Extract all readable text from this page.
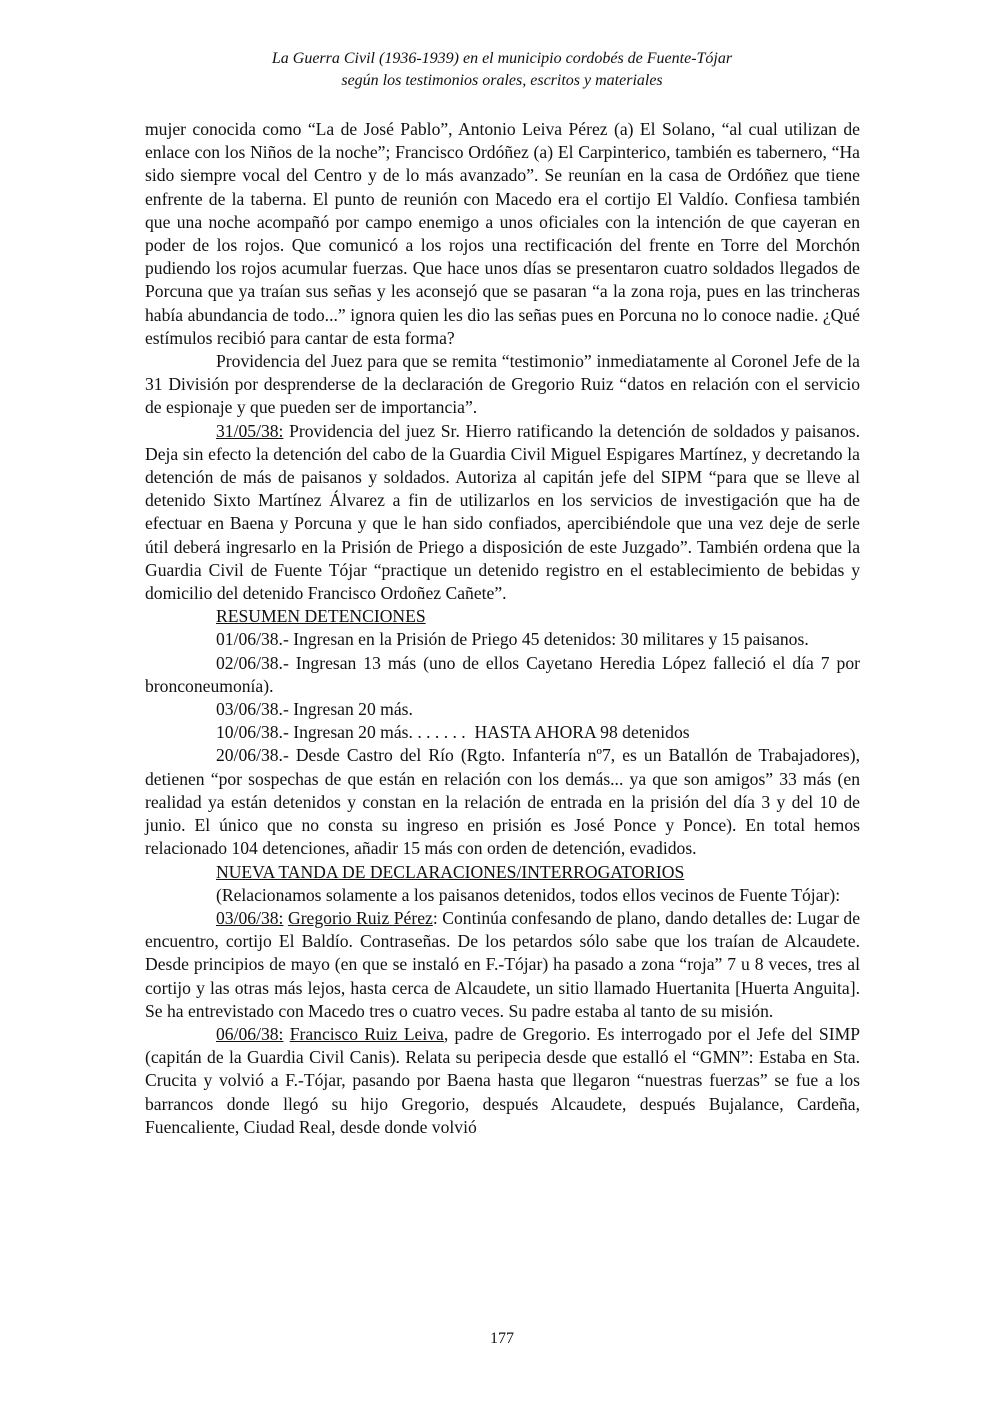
La Guerra Civil (1936-1939) en el municipio cordobés de Fuente-Tójar
según los testimonios orales, escritos y materiales

mujer conocida como “La de José Pablo”, Antonio Leiva Pérez (a) El Solano, “al cual utilizan de enlace con los Niños de la noche”; Francisco Ordóñez (a) El Carpinterico, también es tabernero, “Ha sido siempre vocal del Centro y de lo más avanzado”. Se reunían en la casa de Ordóñez que tiene enfrente de la taberna. El punto de reunión con Macedo era el cortijo El Valdío. Confiesa también que una noche acompañó por campo enemigo a unos oficiales con la intención de que cayeran en poder de los rojos. Que comunicó a los rojos una rectificación del frente en Torre del Morchón pudiendo los rojos acumular fuerzas. Que hace unos días se presentaron cuatro soldados llegados de Porcuna que ya traían sus señas y les aconsejó que se pasaran “a la zona roja, pues en las trincheras había abundancia de todo...” ignora quien les dio las señas pues en Porcuna no lo conoce nadie. ¿Qué estímulos recibió para cantar de esta forma?

Providencia del Juez para que se remita “testimonio” inmediatamente al Coronel Jefe de la 31 División por desprenderse de la declaración de Gregorio Ruiz “datos en relación con el servicio de espionaje y que pueden ser de importancia”.

31/05/38: Providencia del juez Sr. Hierro ratificando la detención de soldados y paisanos. Deja sin efecto la detención del cabo de la Guardia Civil Miguel Espigares Martínez, y decretando la detención de más de paisanos y soldados. Autoriza al capitán jefe del SIPM “para que se lleve al detenido Sixto Martínez Álvarez a fin de utilizarlos en los servicios de investigación que ha de efectuar en Baena y Porcuna y que le han sido confiados, apercibiéndole que una vez deje de serle útil deberá ingresarlo en la Prisión de Priego a disposición de este Juzgado”. También ordena que la Guardia Civil de Fuente Tójar “practique un detenido registro en el establecimiento de bebidas y domicilio del detenido Francisco Ordoñez Cañete”.

RESUMEN DETENCIONES

01/06/38.- Ingresan en la Prisión de Priego 45 detenidos: 30 militares y 15 paisanos.

02/06/38.- Ingresan 13 más (uno de ellos Cayetano Heredia López falleció el día 7 por bronconeumonía).

03/06/38.- Ingresan 20 más.

10/06/38.- Ingresan 20 más. . . . . . .  HASTA AHORA 98 detenidos

20/06/38.- Desde Castro del Río (Rgto. Infantería nº7, es un Batallón de Trabajadores), detienen “por sospechas de que están en relación con los demás... ya que son amigos” 33 más (en realidad ya están detenidos y constan en la relación de entrada en la prisión del día 3 y del 10 de junio. El único que no consta su ingreso en prisión es José Ponce y Ponce). En total hemos relacionado 104 detenciones, añadir 15 más con orden de detención, evadidos.

NUEVA TANDA DE DECLARACIONES/INTERROGATORIOS

(Relacionamos solamente a los paisanos detenidos, todos ellos vecinos de Fuente Tójar):

03/06/38: Gregorio Ruiz Pérez: Continúa confesando de plano, dando detalles de: Lugar de encuentro, cortijo El Baldío. Contraseñas. De los petardos sólo sabe que los traían de Alcaudete. Desde principios de mayo (en que se instaló en F.-Tójar) ha pasado a zona “roja” 7 u 8 veces, tres al cortijo y las otras más lejos, hasta cerca de Alcaudete, un sitio llamado Huertanita [Huerta Anguita]. Se ha entrevistado con Macedo tres o cuatro veces. Su padre estaba al tanto de su misión.

06/06/38: Francisco Ruiz Leiva, padre de Gregorio. Es interrogado por el Jefe del SIMP (capitán de la Guardia Civil Canis). Relata su peripecia desde que estalló el “GMN”: Estaba en Sta. Crucita y volvió a F.-Tójar, pasando por Baena hasta que llegaron “nuestras fuerzas” se fue a los barrancos donde llegó su hijo Gregorio, después Alcaudete, después Bujalance, Cardeña, Fuencaliente, Ciudad Real, desde donde volvió

177
